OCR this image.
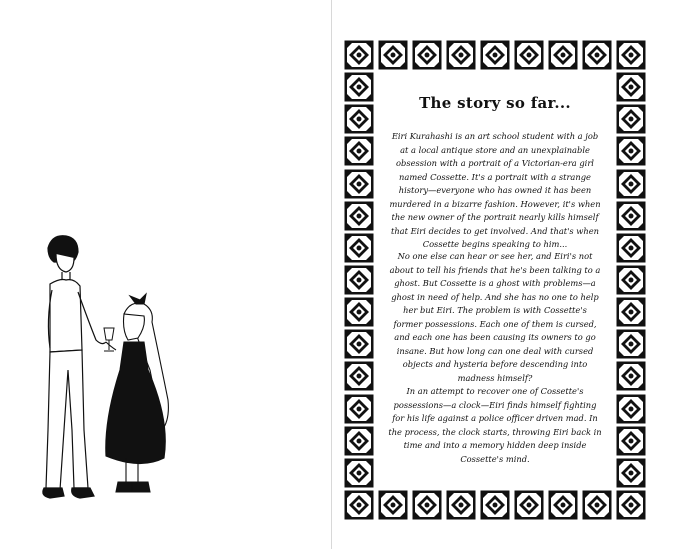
The story so far...

Eiri Kurahashi is an art school student with a job at a local antique store and an unexplainable obsession with a portrait of a Victorian-era girl named Cossette. It's a portrait with a strange history—everyone who has owned it has been murdered in a bizarre fashion. However, it's when the new owner of the portrait nearly kills himself that Eiri decides to get involved. And that's when Cossette begins speaking to him...

No one else can hear or see her, and Eiri's not about to tell his friends that he's been talking to a ghost. But Cossette is a ghost with problems—a ghost in need of help. And she has no one to help her but Eiri. The problem is with Cossette's former possessions. Each one of them is cursed, and each one has been causing its owners to go insane. But how long can one deal with cursed objects and hysteria before descending into madness himself?

In an attempt to recover one of Cossette's possessions—a clock—Eiri finds himself fighting for his life against a police officer driven mad. In the process, the clock starts, throwing Eiri back in time and into a memory hidden deep inside Cossette's mind.
